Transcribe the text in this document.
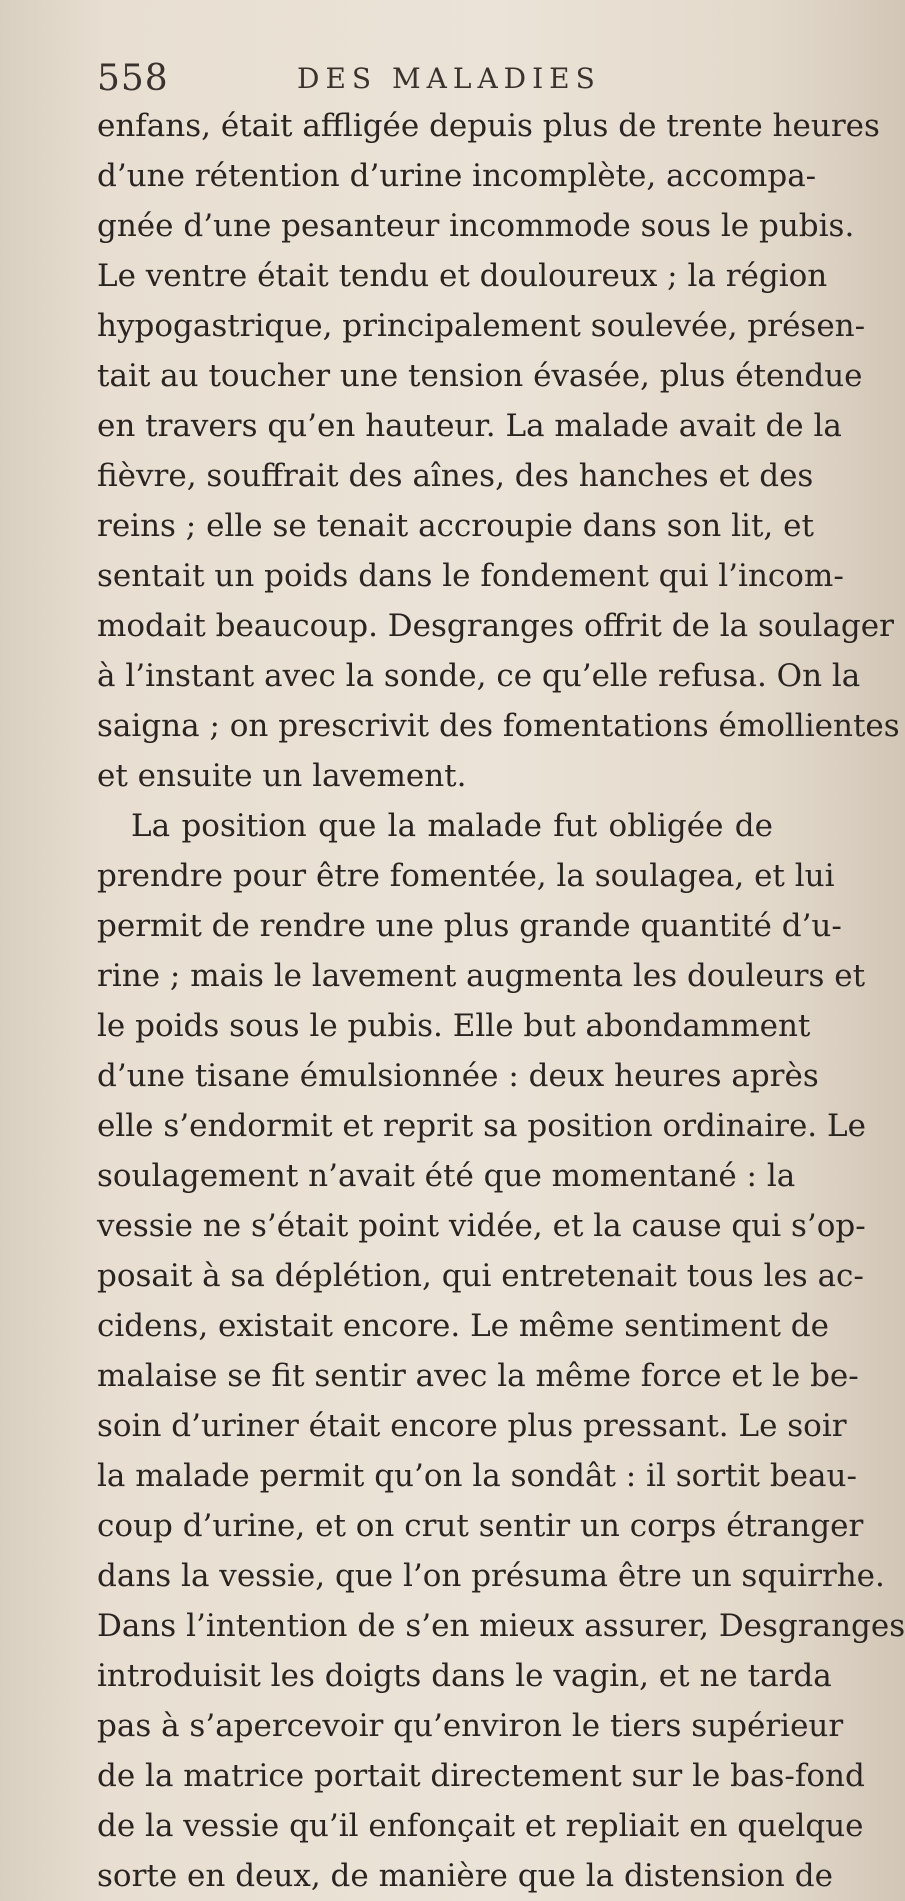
558	DES MALADIES
enfans, était affligée depuis plus de trente heures
d’une rétention d’urine incomplète, accompa-
gnée d’une pesanteur incommode sous le pubis.
Le ventre était tendu et douloureux ; la région
hypogastrique, principalement soulevée, présen-
tait au toucher une tension évasée, plus étendue
en travers qu’en hauteur. La malade avait de la
fièvre, souffrait des aînes, des hanches et des
reins ; elle se tenait accroupie dans son lit, et
sentait un poids dans le fondement qui l’incom-
modait beaucoup. Desgranges offrit de la soulager
à l’instant avec la sonde, ce qu’elle refusa. On la
saigna ; on prescrivit des fomentations émollientes
et ensuite un lavement.
La position que la malade fut obligée de
prendre pour être fomentée, la soulagea, et lui
permit de rendre une plus grande quantité d’u-
rine ; mais le lavement augmenta les douleurs et
le poids sous le pubis. Elle but abondamment
d’une tisane émulsionnée : deux heures après
elle s’endormit et reprit sa position ordinaire. Le
soulagement n’avait été que momentané : la
vessie ne s’était point vidée, et la cause qui s’op-
posait à sa déplétion, qui entretenait tous les ac-
cidens, existait encore. Le même sentiment de
malaise se fit sentir avec la même force et le be-
soin d’uriner était encore plus pressant. Le soir
la malade permit qu’on la sondât : il sortit beau-
coup d’urine, et on crut sentir un corps étranger
dans la vessie, que l’on présuma être un squirrhe.
Dans l’intention de s’en mieux assurer, Desgranges
introduisit les doigts dans le vagin, et ne tarda
pas à s’apercevoir qu’environ le tiers supérieur
de la matrice portait directement sur le bas-fond
de la vessie qu’il enfonçait et repliait en quelque
sorte en deux, de manière que la distension de
